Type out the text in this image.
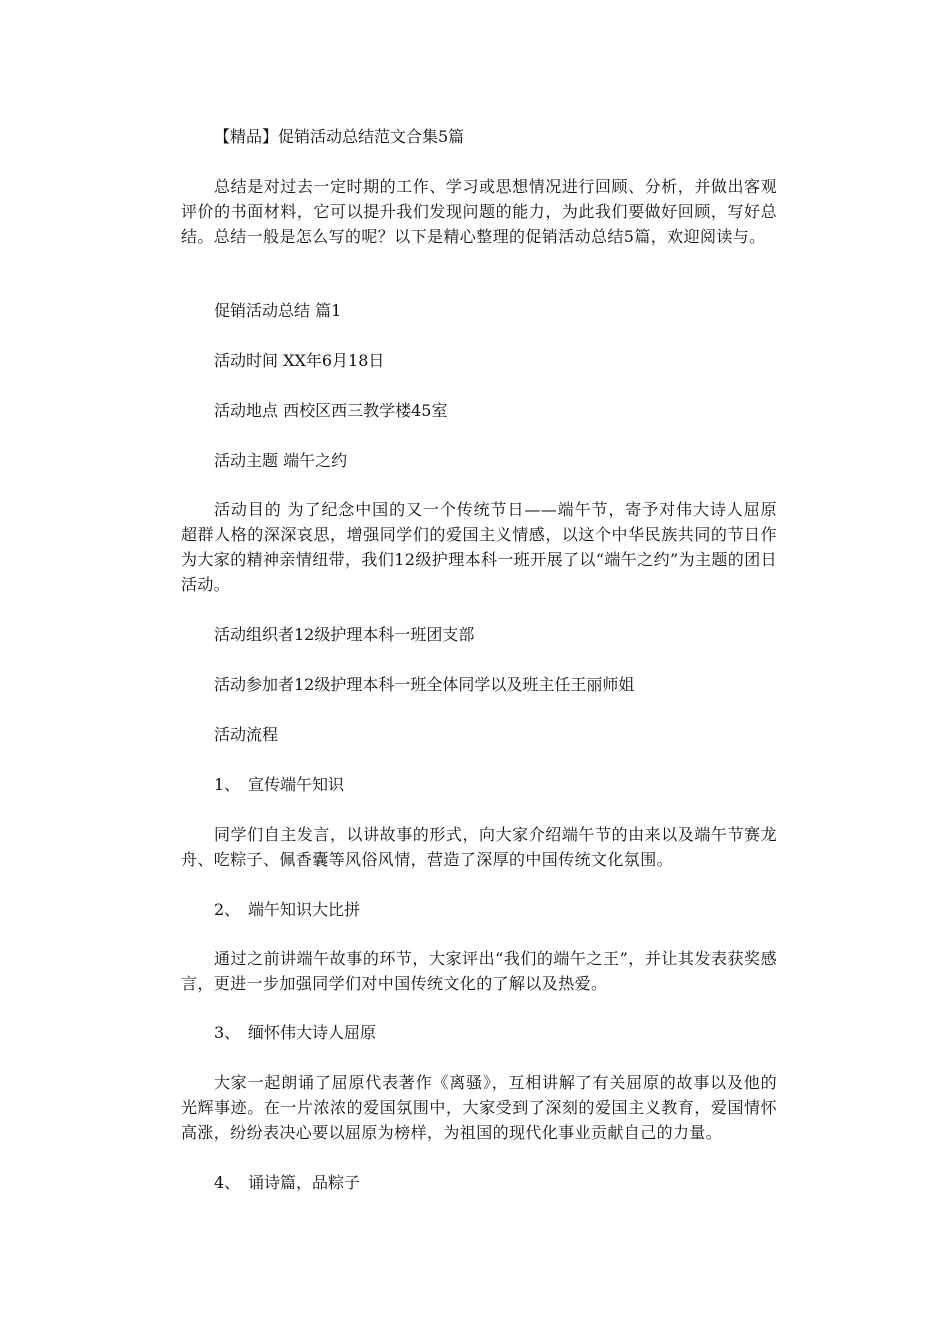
【精品】促销活动总结范文合集5篇
总结是对过去一定时期的工作、学习或思想情况进行回顾、分析，并做出客观评价的书面材料，它可以提升我们发现问题的能力，为此我们要做好回顾，写好总结。总结一般是怎么写的呢？以下是精心整理的促销活动总结5篇，欢迎阅读与。
促销活动总结 篇1
活动时间 XX年6月18日
活动地点 西校区西三教学楼45室
活动主题 端午之约
活动目的 为了纪念中国的又一个传统节日——端午节，寄予对伟大诗人屈原超群人格的深深哀思，增强同学们的爱国主义情感，以这个中华民族共同的节日作为大家的精神亲情纽带，我们12级护理本科一班开展了以“端午之约”为主题的团日活动。
活动组织者12级护理本科一班团支部
活动参加者12级护理本科一班全体同学以及班主任王丽师姐
活动流程
1、 宣传端午知识
同学们自主发言，以讲故事的形式，向大家介绍端午节的由来以及端午节赛龙舟、吃粽子、佩香囊等风俗风情，营造了深厚的中国传统文化氛围。
2、 端午知识大比拼
通过之前讲端午故事的环节，大家评出“我们的端午之王”，并让其发表获奖感言，更进一步加强同学们对中国传统文化的了解以及热爱。
3、 缅怀伟大诗人屈原
大家一起朗诵了屈原代表著作《离骚》，互相讲解了有关屈原的故事以及他的光辉事迹。在一片浓浓的爱国氛围中，大家受到了深刻的爱国主义教育，爱国情怀高涨，纷纷表决心要以屈原为榜样，为祖国的现代化事业贡献自己的力量。
4、 诵诗篇，品粽子
